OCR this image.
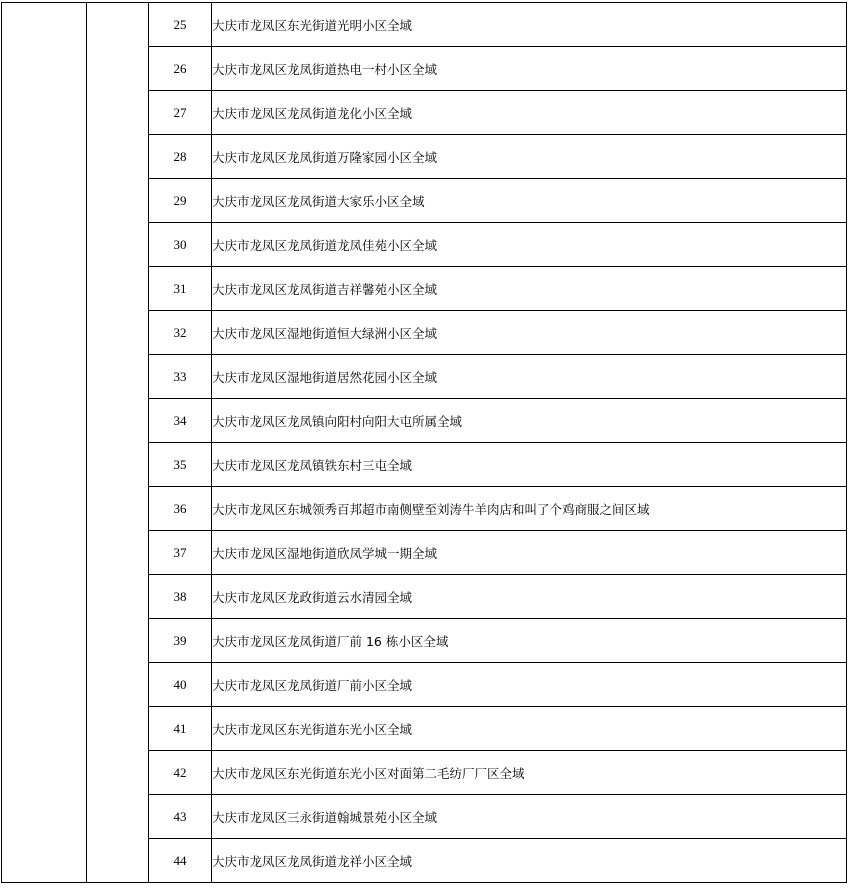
		25	大庆市龙凤区东光街道光明小区全域
		26	大庆市龙凤区龙凤街道热电一村小区全域
		27	大庆市龙凤区龙凤街道龙化小区全域
		28	大庆市龙凤区龙凤街道万隆家园小区全域
		29	大庆市龙凤区龙凤街道大家乐小区全域
		30	大庆市龙凤区龙凤街道龙凤佳苑小区全域
		31	大庆市龙凤区龙凤街道吉祥馨苑小区全域
		32	大庆市龙凤区湿地街道恒大绿洲小区全域
		33	大庆市龙凤区湿地街道居然花园小区全域
		34	大庆市龙凤区龙凤镇向阳村向阳大屯所属全域
		35	大庆市龙凤区龙凤镇铁东村三屯全域
		36	大庆市龙凤区东城领秀百邦超市南侧壁至刘涛牛羊肉店和叫了个鸡商服之间区域
		37	大庆市龙凤区湿地街道欣凤学城一期全域
		38	大庆市龙凤区龙政街道云水清园全域
		39	大庆市龙凤区龙凤街道厂前 16 栋小区全域
		40	大庆市龙凤区龙凤街道厂前小区全域
		41	大庆市龙凤区东光街道东光小区全域
		42	大庆市龙凤区东光街道东光小区对面第二毛纺厂厂区全域
		43	大庆市龙凤区三永街道翰城景苑小区全域
		44	大庆市龙凤区龙凤街道龙祥小区全域
